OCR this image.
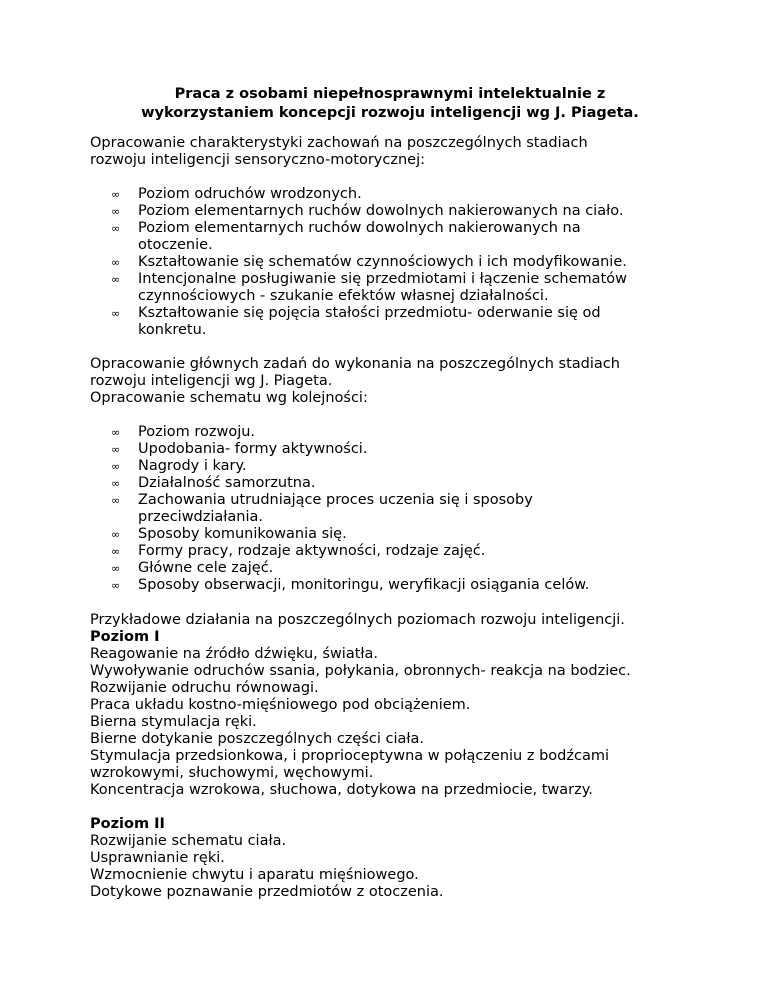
Praca z osobami niepełnosprawnymi intelektualnie z
wykorzystaniem koncepcji rozwoju inteligencji wg J. Piageta.
Opracowanie charakterystyki zachowań na poszczególnych stadiach
rozwoju inteligencji sensoryczno-motorycznej:
∞ Poziom odruchów wrodzonych.
∞ Poziom elementarnych ruchów dowolnych nakierowanych na ciało.
∞ Poziom elementarnych ruchów dowolnych nakierowanych na
otoczenie.
∞ Kształtowanie się schematów czynnościowych i ich modyfikowanie.
∞ Intencjonalne posługiwanie się przedmiotami i łączenie schematów
czynnościowych - szukanie efektów własnej działalności.
∞ Kształtowanie się pojęcia stałości przedmiotu- oderwanie się od
konkretu.
Opracowanie głównych zadań do wykonania na poszczególnych stadiach
rozwoju inteligencji wg J. Piageta.
Opracowanie schematu wg kolejności:
∞ Poziom rozwoju.
∞ Upodobania- formy aktywności.
∞ Nagrody i kary.
∞ Działalność samorzutna.
∞ Zachowania utrudniające proces uczenia się i sposoby
przeciwdziałania.
∞ Sposoby komunikowania się.
∞ Formy pracy, rodzaje aktywności, rodzaje zajęć.
∞ Główne cele zajęć.
∞ Sposoby obserwacji, monitoringu, weryfikacji osiągania celów.
Przykładowe działania na poszczególnych poziomach rozwoju inteligencji.
Poziom I
Reagowanie na źródło dźwięku, światła.
Wywoływanie odruchów ssania, połykania, obronnych- reakcja na bodziec.
Rozwijanie odruchu równowagi.
Praca układu kostno-mięśniowego pod obciążeniem.
Bierna stymulacja ręki.
Bierne dotykanie poszczególnych części ciała.
Stymulacja przedsionkowa, i proprioceptywna w połączeniu z bodźcami
wzrokowymi, słuchowymi, węchowymi.
Koncentracja wzrokowa, słuchowa, dotykowa na przedmiocie, twarzy.
Poziom II
Rozwijanie schematu ciała.
Usprawnianie ręki.
Wzmocnienie chwytu i aparatu mięśniowego.
Dotykowe poznawanie przedmiotów z otoczenia.
